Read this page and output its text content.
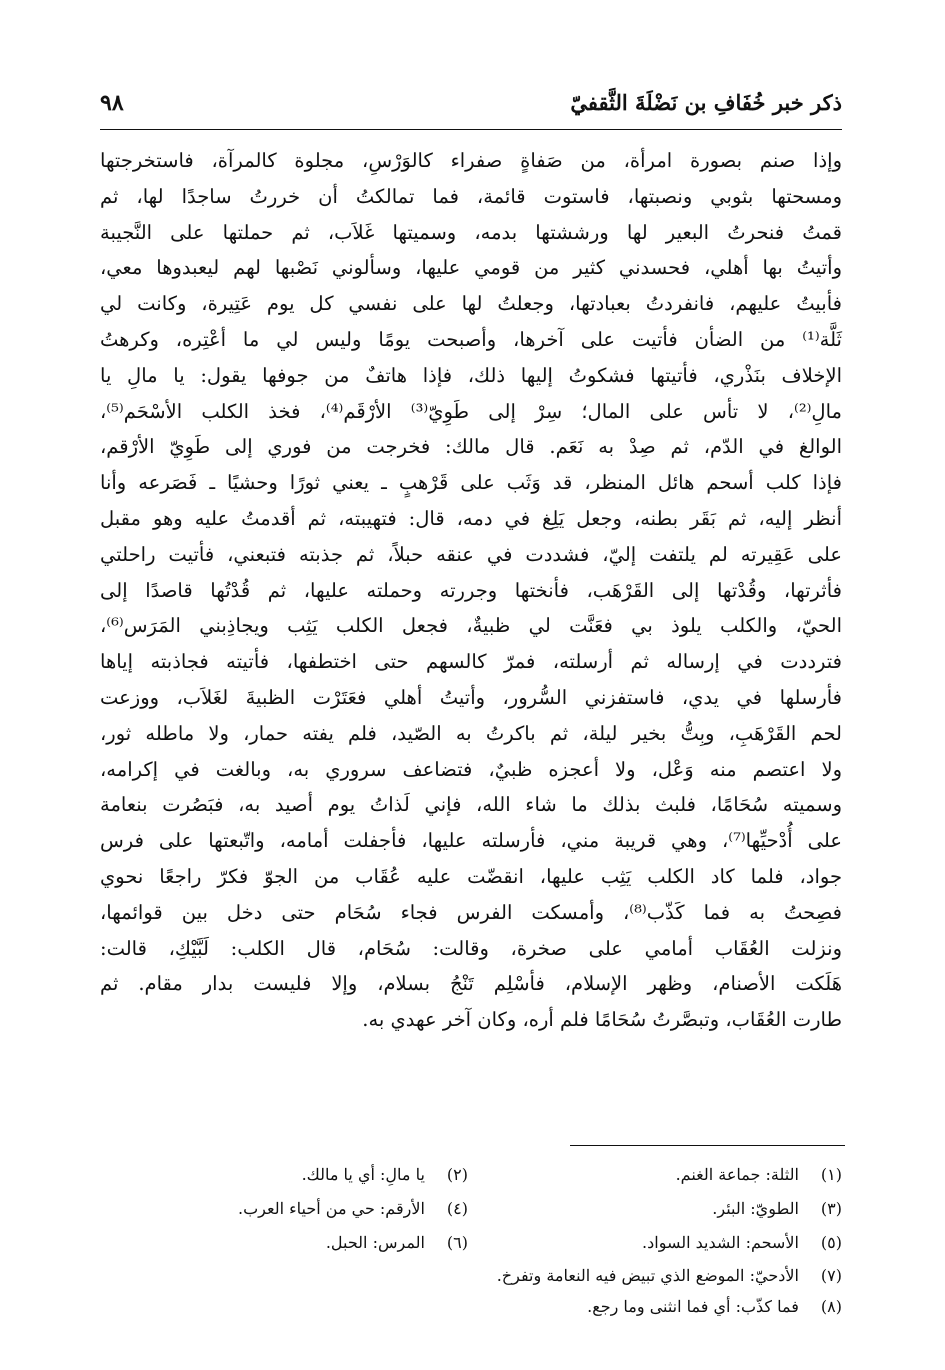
ذكر خبر خُفَافِ بن نَضْلَةَ الثَّقفيّ
٩٨
وإذا صنم بصورة امرأة، من صَفاةٍ صفراء كالوَرْسِ، مجلوة كالمرآة، فاستخرجتها
ومسحتها بثوبي ونصبتها، فاستوت قائمة، فما تمالكتُ أن خررتُ ساجدًا لها، ثم
قمتُ فنحرتُ البعير لها ورششتها بدمه، وسميتها غَلاَب، ثم حملتها على النَّجيبة
وأتيتُ بها أهلي، فحسدني كثير من قومي عليها، وسألوني نَصْبها لهم ليعبدوها معي،
فأبيتُ عليهم، فانفردتُ بعبادتها، وجعلتُ لها على نفسي كل يوم عَتِيرة، وكانت لي
ثَلَّة⁽¹⁾ من الضأن فأتيت على آخرها، وأصبحت يومًا وليس لي ما أعْتِره، وكرهتُ
الإخلاف بنَذْري، فأتيتها فشكوتُ إليها ذلك، فإذا هاتفٌ من جوفها يقول: يا مالِ يا
مالِ⁽²⁾، لا تأس على المال؛ سِرْ إلى طَوِيّ⁽³⁾ الأرْقَم⁽⁴⁾، فخذ الكلب الأسْحَم⁽⁵⁾،
الوالغ في الدّم، ثم صِدْ به نَعَم. قال مالك: فخرجت من فوري إلى طَوِيّ الأرْقم،
فإذا كلب أسحم هائل المنظر، قد وَثَب على قَرْهبٍ ـ يعني ثورًا وحشيًا ـ فَصَرعه وأنا
أنظر إليه، ثم بَقَر بطنه، وجعل يَلِغ في دمه، قال: فتهيبته، ثم أقدمتُ عليه وهو مقبل
على عَقِيرته لم يلتفت إليّ، فشددت في عنقه حبلاً، ثم جذبته فتبعني، فأتيت راحلتي
فأثرتها، وقُدْتها إلى القَرْهَب، فأنختها وجررته وحملته عليها، ثم قُدْتُها قاصدًا إلى
الحيّ، والكلب يلوذ بي فعَنَّت لي ظبيةٌ، فجعل الكلب يَثِب ويجاذِبني المَرَس⁽⁶⁾،
فترددت في إرساله ثم أرسلته، فمرّ كالسهم حتى اختطفها، فأتيته فجاذبته إياها
فأرسلها في يدي، فاستفزني السُّرور، وأتيتُ أهلي فعَتَرْت الظبيةَ لغَلاَب، ووزعت
لحم القَرْهَبِ، وبِتُّ بخير ليلة، ثم باكرتُ به الصّيد، فلم يفته حمار، ولا ماطله ثور،
ولا اعتصم منه وَعْل، ولا أعجزه ظبيٌ، فتضاعف سروري به، وبالغت في إكرامه،
وسميته سُحَامًا، فلبث بذلك ما شاء الله، فإني لَذاتُ يوم أصيد به، فبَصُرت بنعامة
على أُدْحيِّها⁽⁷⁾، وهي قريبة مني، فأرسلته عليها، فأجفلت أمامه، واتّبعتها على فرس
جواد، فلما كاد الكلب يَثِب عليها، انقضّت عليه عُقَاب من الجوّ فكرّ راجعًا نحوي
فصِحتُ به فما كَذّب⁽⁸⁾، وأمسكت الفرس فجاء سُحَام حتى دخل بين قوائمها،
ونزلت العُقَاب أمامي على صخرة، وقالت: سُحَام، قال الكلب: لَبَّيْكِ، قالت:
هَلَكت الأصنام، وظهر الإسلام، فأسْلِم تَنْجُ بسلام، وإلا فليست بدار مقام. ثم
طارت العُقَاب، وتبصَّرتُ سُحَامًا فلم أره، وكان آخر عهدي به.
(١) الثلة: جماعة الغنم.
(٢) يا مالِ: أي يا مالك.
(٣) الطويّ: البئر.
(٤) الأرقم: حي من أحياء العرب.
(٥) الأسحم: الشديد السواد.
(٦) المرس: الحبل.
(٧) الأدحيّ: الموضع الذي تبيض فيه النعامة وتفرخ.
(٨) فما كذّب: أي فما انثنى وما رجع.
